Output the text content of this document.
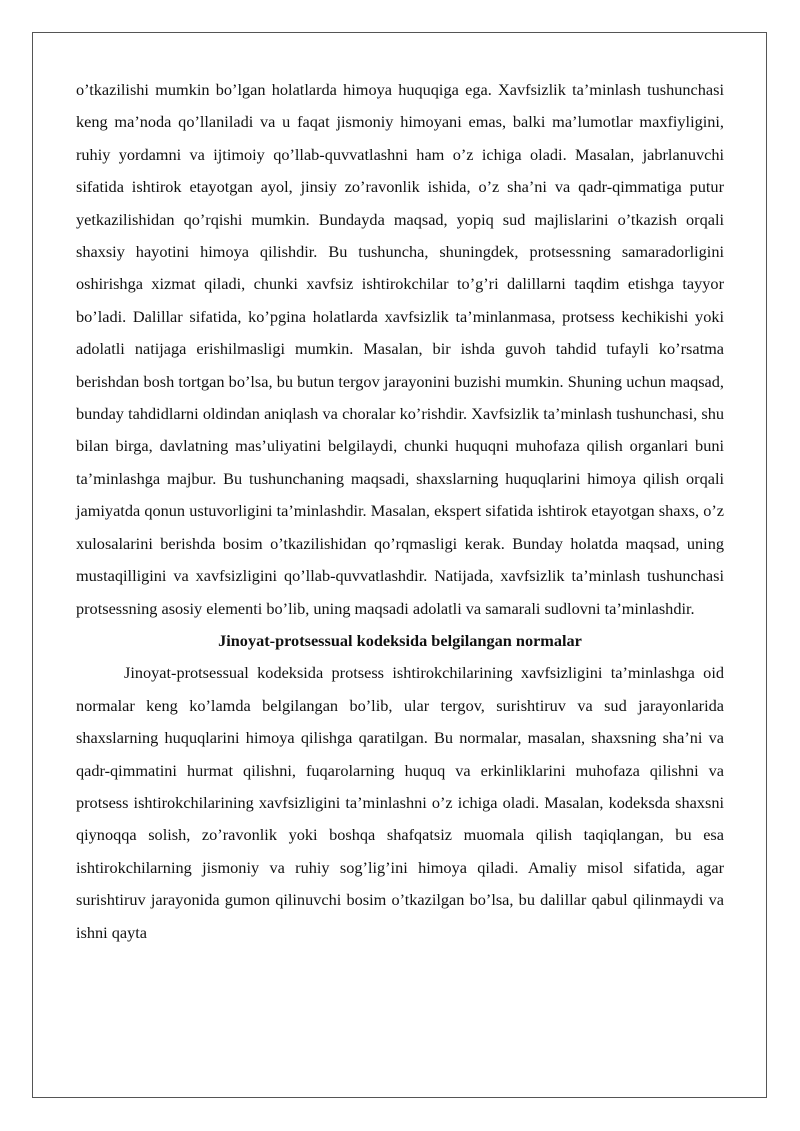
o’tkazilishi mumkin bo’lgan holatlarda himoya huquqiga ega. Xavfsizlik ta’minlash tushunchasi keng ma’noda qo’llaniladi va u faqat jismoniy himoyani emas, balki ma’lumotlar maxfiyligini, ruhiy yordamni va ijtimoiy qo’llab-quvvatlashni ham o’z ichiga oladi. Masalan, jabrlanuvchi sifatida ishtirok etayotgan ayol, jinsiy zo’ravonlik ishida, o’z sha’ni va qadr-qimmatiga putur yetkazilishidan qo’rqishi mumkin. Bundayda maqsad, yopiq sud majlislarini o’tkazish orqali shaxsiy hayotini himoya qilishdir. Bu tushuncha, shuningdek, protsessning samaradorligini oshirishga xizmat qiladi, chunki xavfsiz ishtirokchilar to’g’ri dalillarni taqdim etishga tayyor bo’ladi. Dalillar sifatida, ko’pgina holatlarda xavfsizlik ta’minlanmasa, protsess kechikishi yoki adolatli natijaga erishilmasligi mumkin. Masalan, bir ishda guvoh tahdid tufayli ko’rsatma berishdan bosh tortgan bo’lsa, bu butun tergov jarayonini buzishi mumkin. Shuning uchun maqsad, bunday tahdidlarni oldindan aniqlash va choralar ko’rishdir. Xavfsizlik ta’minlash tushunchasi, shu bilan birga, davlatning mas’uliyatini belgilaydi, chunki huquqni muhofaza qilish organlari buni ta’minlashga majbur. Bu tushunchaning maqsadi, shaxslarning huquqlarini himoya qilish orqali jamiyatda qonun ustuvorligini ta’minlashdir. Masalan, ekspert sifatida ishtirok etayotgan shaxs, o’z xulosalarini berishda bosim o’tkazilishidan qo’rqmasligi kerak. Bunday holatda maqsad, uning mustaqilligini va xavfsizligini qo’llab-quvvatlashdir. Natijada, xavfsizlik ta’minlash tushunchasi protsessning asosiy elementi bo’lib, uning maqsadi adolatli va samarali sudlovni ta’minlashdir.

Jinoyat-protsessual kodeksida belgilangan normalar

Jinoyat-protsessual kodeksida protsess ishtirokchilarining xavfsizligini ta’minlashga oid normalar keng ko’lamda belgilangan bo’lib, ular tergov, surishtiruv va sud jarayonlarida shaxslarning huquqlarini himoya qilishga qaratilgan. Bu normalar, masalan, shaxsning sha’ni va qadr-qimmatini hurmat qilishni, fuqarolarning huquq va erkinliklarini muhofaza qilishni va protsess ishtirokchilarining xavfsizligini ta’minlashni o’z ichiga oladi. Masalan, kodeksda shaxsni qiynoqqa solish, zo’ravonlik yoki boshqa shafqatsiz muomala qilish taqiqlangan, bu esa ishtirokchilarning jismoniy va ruhiy sog’lig’ini himoya qiladi. Amaliy misol sifatida, agar surishtiruv jarayonida gumon qilinuvchi bosim o’tkazilgan bo’lsa, bu dalillar qabul qilinmaydi va ishni qayta
